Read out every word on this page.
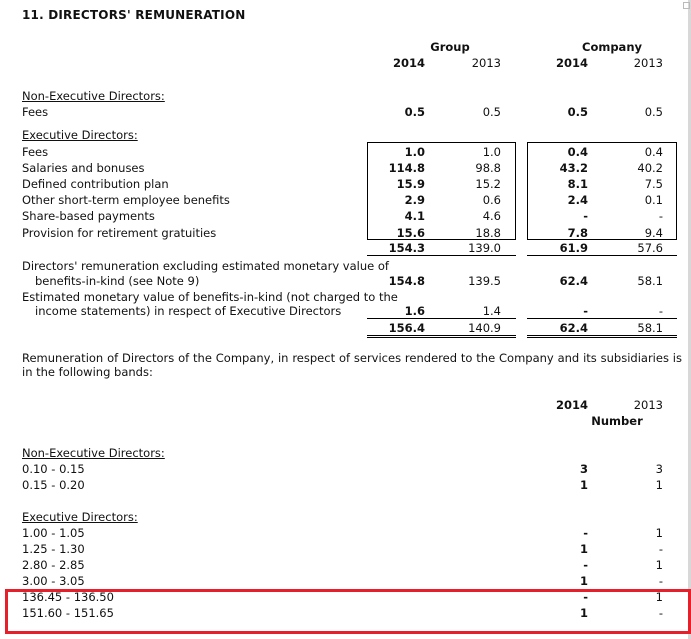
11. DIRECTORS' REMUNERATION
Group	Company
2014	2013	2014	2013
Non-Executive Directors:
Fees	0.5	0.5	0.5	0.5
Executive Directors:
Fees	1.0	1.0	0.4	0.4
Salaries and bonuses	114.8	98.8	43.2	40.2
Defined contribution plan	15.9	15.2	8.1	7.5
Other short-term employee benefits	2.9	0.6	2.4	0.1
Share-based payments	4.1	4.6	-	-
Provision for retirement gratuities	15.6	18.8	7.8	9.4
154.3	139.0	61.9	57.6
Directors' remuneration excluding estimated monetary value of
benefits-in-kind (see Note 9)	154.8	139.5	62.4	58.1
Estimated monetary value of benefits-in-kind (not charged to the
income statements) in respect of Executive Directors	1.6	1.4	-	-
156.4	140.9	62.4	58.1
Remuneration of Directors of the Company, in respect of services rendered to the Company and its subsidiaries is in the following bands:
2014	2013
Number
Non-Executive Directors:
0.10 - 0.15	3	3
0.15 - 0.20	1	1
Executive Directors:
1.00 - 1.05	-	1
1.25 - 1.30	1	-
2.80 - 2.85	-	1
3.00 - 3.05	1	-
136.45 - 136.50	-	1
151.60 - 151.65	1	-
